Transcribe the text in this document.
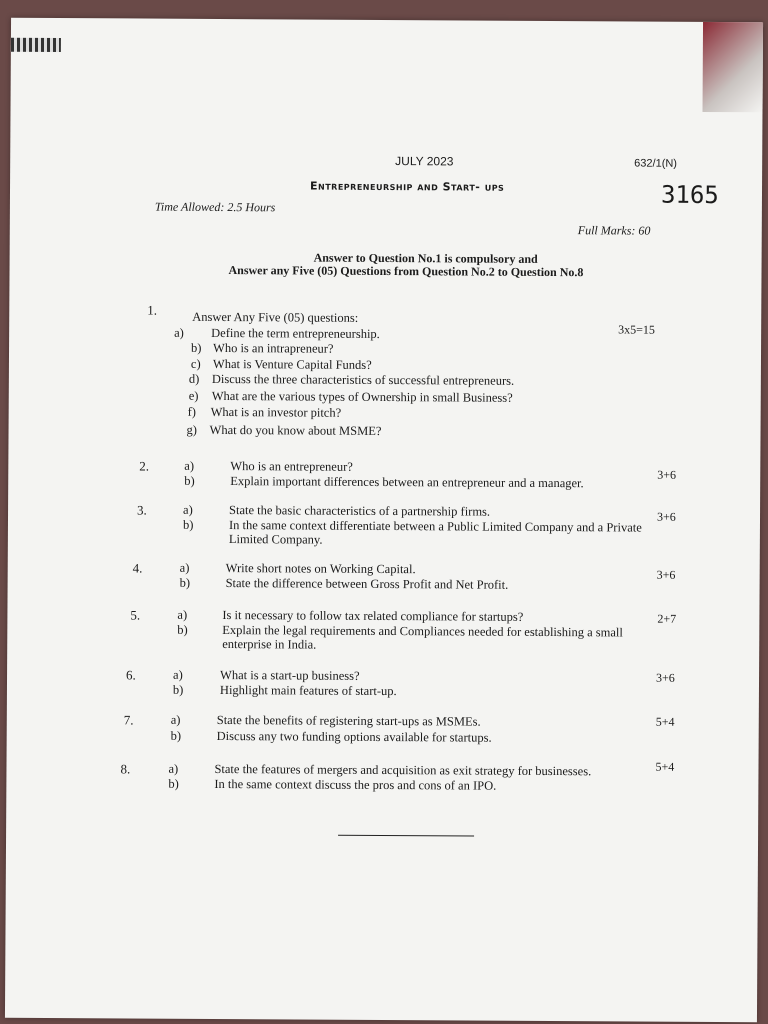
JULY 2023	632/1(N)
Entrepreneurship and Start- ups	3165
Time Allowed: 2.5 Hours
Full Marks: 60
Answer to Question No.1 is compulsory and
Answer any Five (05) Questions from Question No.2 to Question No.8
1.	Answer Any Five (05) questions:
3x5=15
a) Define the term entrepreneurship.
b) Who is an intrapreneur?
c) What is Venture Capital Funds?
d) Discuss the three characteristics of successful entrepreneurs.
e) What are the various types of Ownership in small Business?
f) What is an investor pitch?
g) What do you know about MSME?
2.
3+6
a)	Who is an entrepreneur?
b)	Explain important differences between an entrepreneur and a manager.
3.	3+6
a)	State the basic characteristics of a partnership firms.
b)	In the same context differentiate between a Public Limited Company and a Private
Limited Company.
4.	3+6
a)	Write short notes on Working Capital.
b)	State the difference between Gross Profit and Net Profit.
5.	2+7
a)	Is it necessary to follow tax related compliance for startups?
b)	Explain the legal requirements and Compliances needed for establishing a small
enterprise in India.
6.	3+6
a)	What is a start-up business?
b)	Highlight main features of start-up.
7.	5+4
a)	State the benefits of registering start-ups as MSMEs.
b)	Discuss any two funding options available for startups.
8.	5+4
a)	State the features of mergers and acquisition as exit strategy for businesses.
b)	In the same context discuss the pros and cons of an IPO.
